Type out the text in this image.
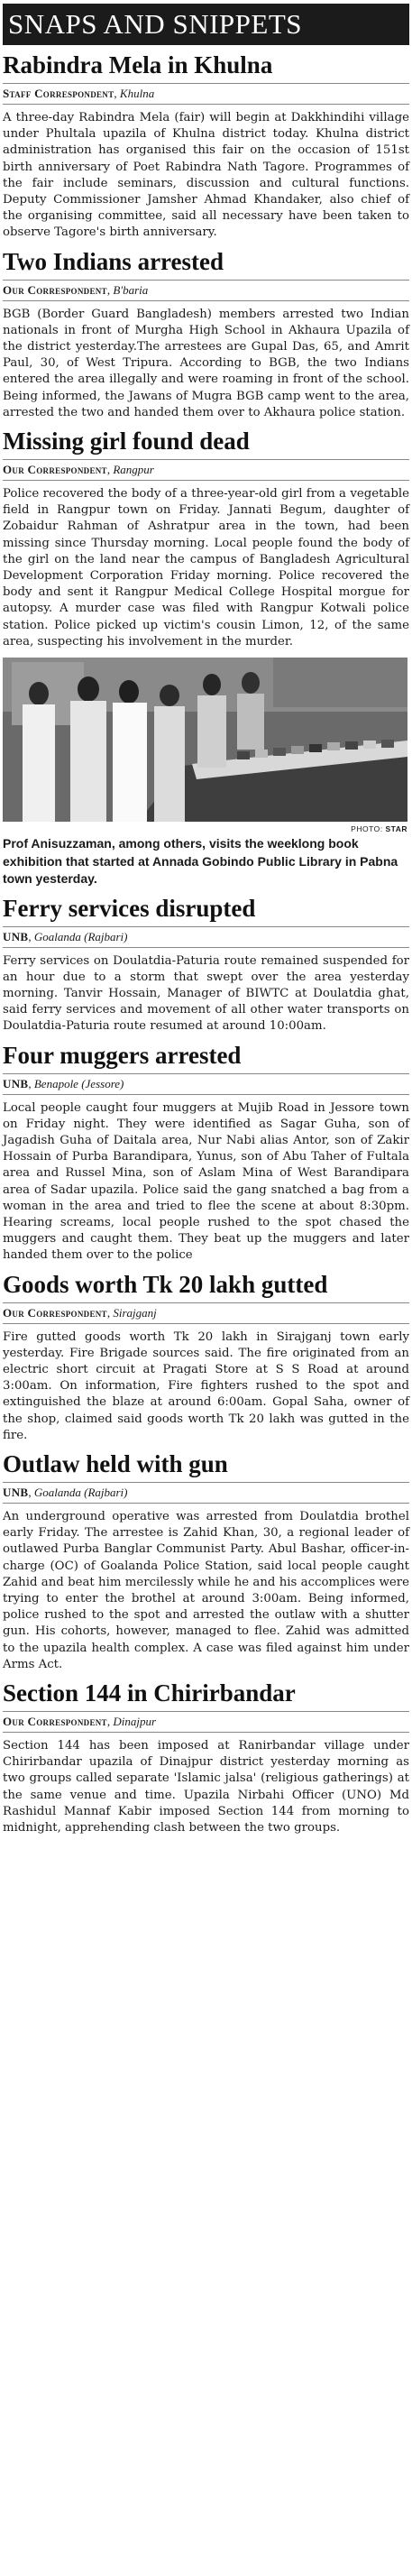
SNAPS AND SNIPPETS
Rabindra Mela in Khulna
Staff Correspondent, Khulna

A three-day Rabindra Mela (fair) will begin at Dakkhindihi village under Phultala upazila of Khulna district today. Khulna district administration has organised this fair on the occasion of 151st birth anniversary of Poet Rabindra Nath Tagore. Programmes of the fair include seminars, discussion and cultural functions. Deputy Commissioner Jamsher Ahmad Khandaker, also chief of the organising committee, said all necessary have been taken to observe Tagore's birth anniversary.

Two Indians arrested
Our Correspondent, B'baria

BGB (Border Guard Bangladesh) members arrested two Indian nationals in front of Murgha High School in Akhaura Upazila of the district yesterday.The arrestees are Gupal Das, 65, and Amrit Paul, 30, of West Tripura. According to BGB, the two Indians entered the area illegally and were roaming in front of the school. Being informed, the Jawans of Mugra BGB camp went to the area, arrested the two and handed them over to Akhaura police station.

Missing girl found dead
Our Correspondent, Rangpur

Police recovered the body of a three-year-old girl from a vegetable field in Rangpur town on Friday. Jannati Begum, daughter of Zobaidur Rahman of Ashratpur area in the town, had been missing since Thursday morning. Local people found the body of the girl on the land near the campus of Bangladesh Agricultural Development Corporation Friday morning. Police recovered the body and sent it Rangpur Medical College Hospital morgue for autopsy. A murder case was filed with Rangpur Kotwali police station. Police picked up victim's cousin Limon, 12, of the same area, suspecting his involvement in the murder.

PHOTO: STAR
Prof Anisuzzaman, among others, visits the weeklong book exhibition that started at Annada Gobindo Public Library in Pabna town yesterday.
Ferry services disrupted
UNB, Goalanda (Rajbari)

Ferry services on Doulatdia-Paturia route remained suspended for an hour due to a storm that swept over the area yesterday morning. Tanvir Hossain, Manager of BIWTC at Doulatdia ghat, said ferry services and movement of all other water transports on Doulatdia-Paturia route resumed at around 10:00am.

Four muggers arrested
UNB, Benapole (Jessore)

Local people caught four muggers at Mujib Road in Jessore town on Friday night. They were identified as Sagar Guha, son of Jagadish Guha of Daitala area, Nur Nabi alias Antor, son of Zakir Hossain of Purba Barandipara, Yunus, son of Abu Taher of Fultala area and Russel Mina, son of Aslam Mina of West Barandipara area of Sadar upazila. Police said the gang snatched a bag from a woman in the area and tried to flee the scene at about 8:30pm. Hearing screams, local people rushed to the spot chased the muggers and caught them. They beat up the muggers and later handed them over to the police

Goods worth Tk 20 lakh gutted
Our Correspondent, Sirajganj

Fire gutted goods worth Tk 20 lakh in Sirajganj town early yesterday. Fire Brigade sources said. The fire originated from an electric short circuit at Pragati Store at S S Road at around 3:00am. On information, Fire fighters rushed to the spot and extinguished the blaze at around 6:00am. Gopal Saha, owner of the shop, claimed said goods worth Tk 20 lakh was gutted in the fire.

Outlaw held with gun
UNB, Goalanda (Rajbari)

An underground operative was arrested from Doulatdia brothel early Friday. The arrestee is Zahid Khan, 30, a regional leader of outlawed Purba Banglar Communist Party. Abul Bashar, officer-in-charge (OC) of Goalanda Police Station, said local people caught Zahid and beat him mercilessly while he and his accomplices were trying to enter the brothel at around 3:00am. Being informed, police rushed to the spot and arrested the outlaw with a shutter gun. His cohorts, however, managed to flee. Zahid was admitted to the upazila health complex. A case was filed against him under Arms Act.

Section 144 in Chirirbandar
Our Correspondent, Dinajpur

Section 144 has been imposed at Ranirbandar village under Chirirbandar upazila of Dinajpur district yesterday morning as two groups called separate 'Islamic jalsa' (religious gatherings) at the same venue and time. Upazila Nirbahi Officer (UNO) Md Rashidul Mannaf Kabir imposed Section 144 from morning to midnight, apprehending clash between the two groups.
